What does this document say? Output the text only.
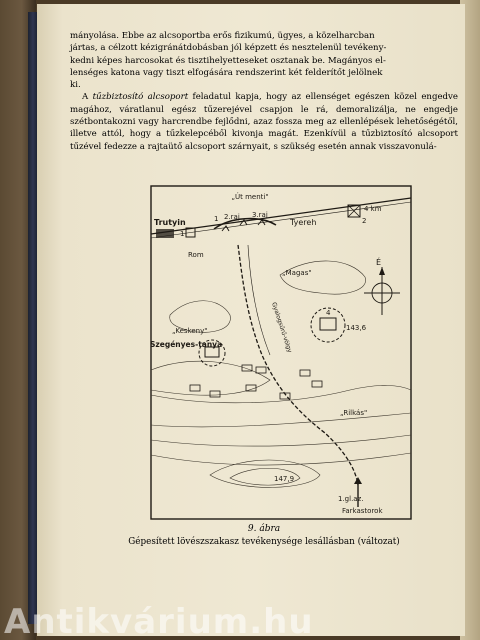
mányolása. Ebbe az alcsoportba erős fizikumú, ügyes, a közelharcban

jártas, a célzott kézigránátdobásban jól képzett és nesztelenül tevékeny-

kedni képes harcosokat és tisztihelyetteseket osztanak be. Magányos el-

lenséges katona vagy tiszt elfogására rendszerint két felderítőt jelölnek

ki.

A tűzbiztosító alcsoport feladatul kapja, hogy az ellenséget egészen közel engedve magához, váratlanul egész tűzerejével csapjon le rá, demoralizálja, ne engedje szétbontakozni vagy harcrendbe fejlődni, azaz fossza meg az ellenlépések lehetőségétől, illetve attól, hogy a tűzkelepcéből kivonja magát. Ezenkívül a tűzbiztosító alcsoport tűzével fedezze a rajtaütő alcsoport szárnyait, s szükség esetén annak visszavonulá-

„Út menti"
1 2.raj 3.raj
Trutyin
1
Rom
Tyereh
4 km
2
„Magas"
É
„Keskeny"
Szegényes-tanya
4
143,6
„Rilkás"
147,9
1.gl.az.
Farkastorok
Gyalogsűrű-völgy
9. ábra
Gépesített lövészszakasz tevékenysége lesállásban (változat)
Antikvárium.hu
